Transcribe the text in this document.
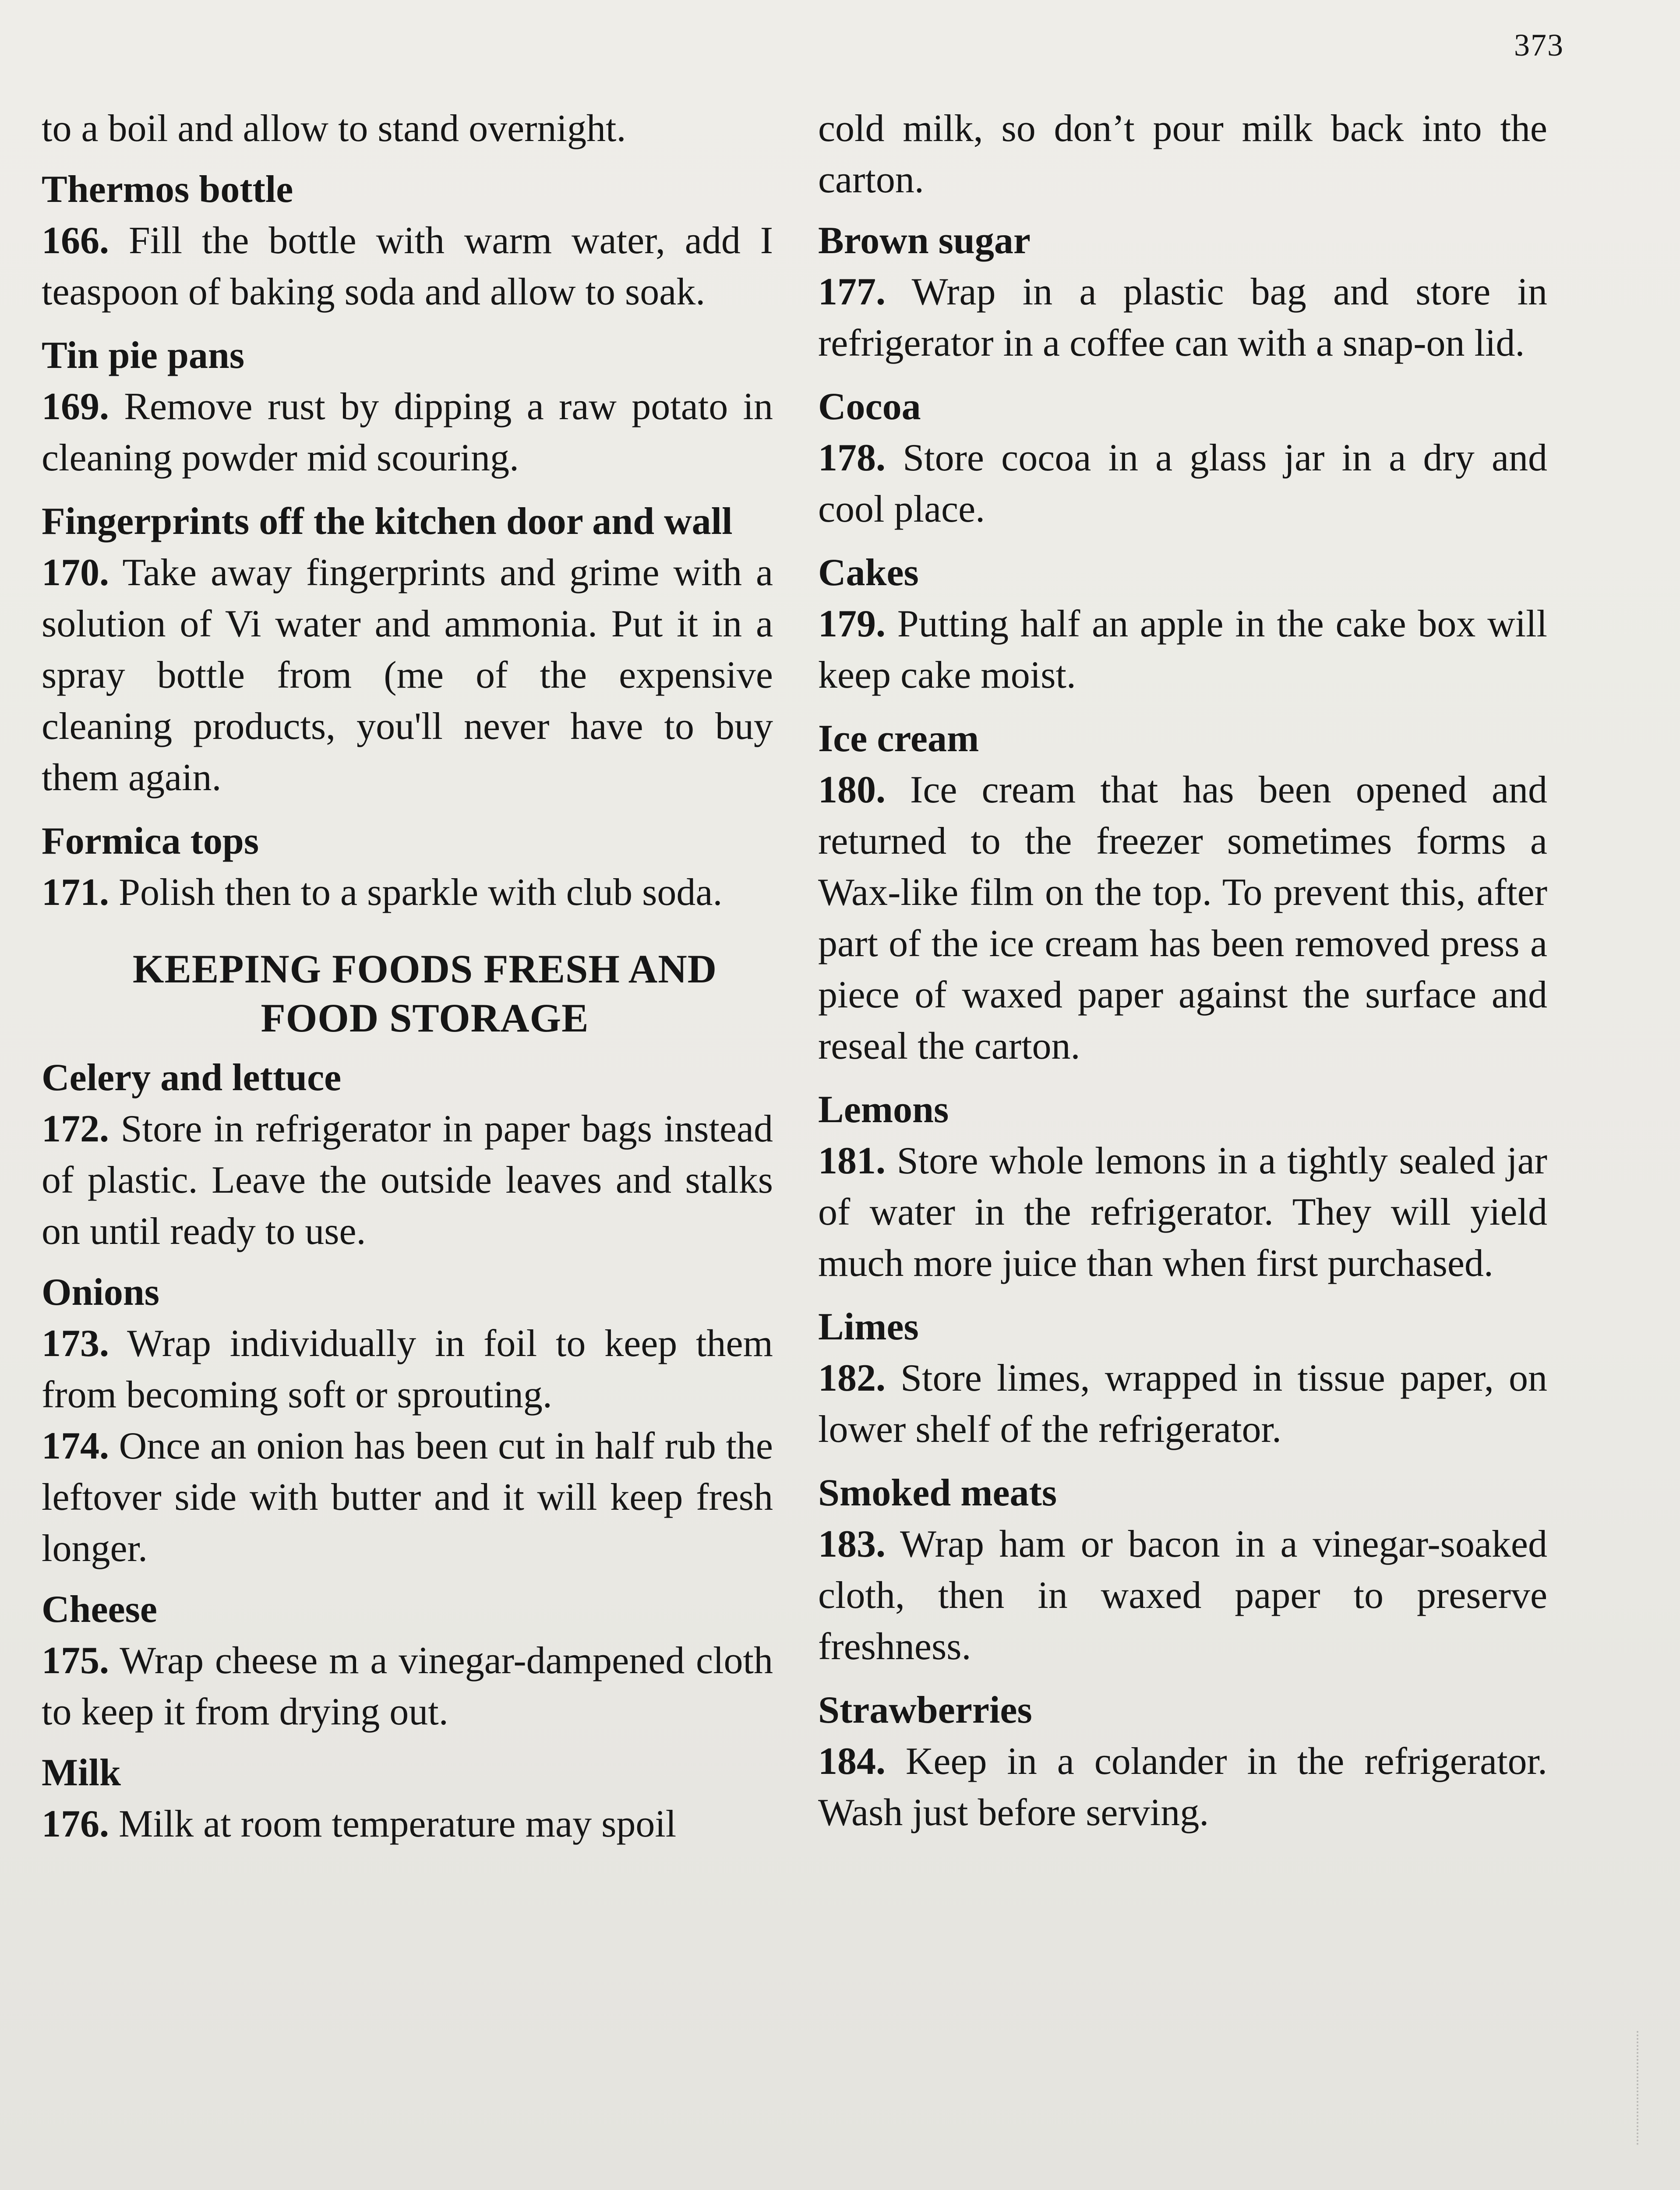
373

to a boil and allow to stand overnight.

Thermos bottle

166. Fill the bottle with warm water, add I teaspoon of baking soda and allow to soak.

Tin pie pans

169. Remove rust by dipping a raw potato in cleaning powder mid scouring.

Fingerprints off the kitchen door and wall

170. Take away fingerprints and grime with a solution of Vi water and ammonia. Put it in a spray bottle from (me of the expensive cleaning products, you'll never have to buy them again.

Formica tops

171. Polish then to a sparkle with club soda.

KEEPING FOODS FRESH AND
FOOD STORAGE
Celery and lettuce

172. Store in refrigerator in paper bags instead of plastic. Leave the outside leaves and stalks on until ready to use.

Onions

173. Wrap individually in foil to keep them from becoming soft or sprouting.

174. Once an onion has been cut in half rub the leftover side with butter and it will keep fresh longer.

Cheese

175. Wrap cheese m a vinegar-dampened cloth to keep it from drying out.

Milk

176. Milk at room temperature may spoil

cold milk, so don’t pour milk back into the carton.

Brown sugar

177. Wrap in a plastic bag and store in refrigerator in a coffee can with a snap-on lid.

Cocoa

178. Store cocoa in a glass jar in a dry and cool place.

Cakes

179. Putting half an apple in the cake box will keep cake moist.

Ice cream

180. Ice cream that has been opened and returned to the freezer sometimes forms a Wax-like film on the top. To prevent this, after part of the ice cream has been removed press a piece of waxed paper against the surface and reseal the carton.

Lemons

181. Store whole lemons in a tightly sealed jar of water in the refrigerator. They will yield much more juice than when first purchased.

Limes

182. Store limes, wrapped in tissue paper, on lower shelf of the refrigerator.

Smoked meats

183. Wrap ham or bacon in a vinegar-soaked cloth, then in waxed paper to preserve freshness.

Strawberries

184. Keep in a colander in the refrigerator. Wash just before serving.
